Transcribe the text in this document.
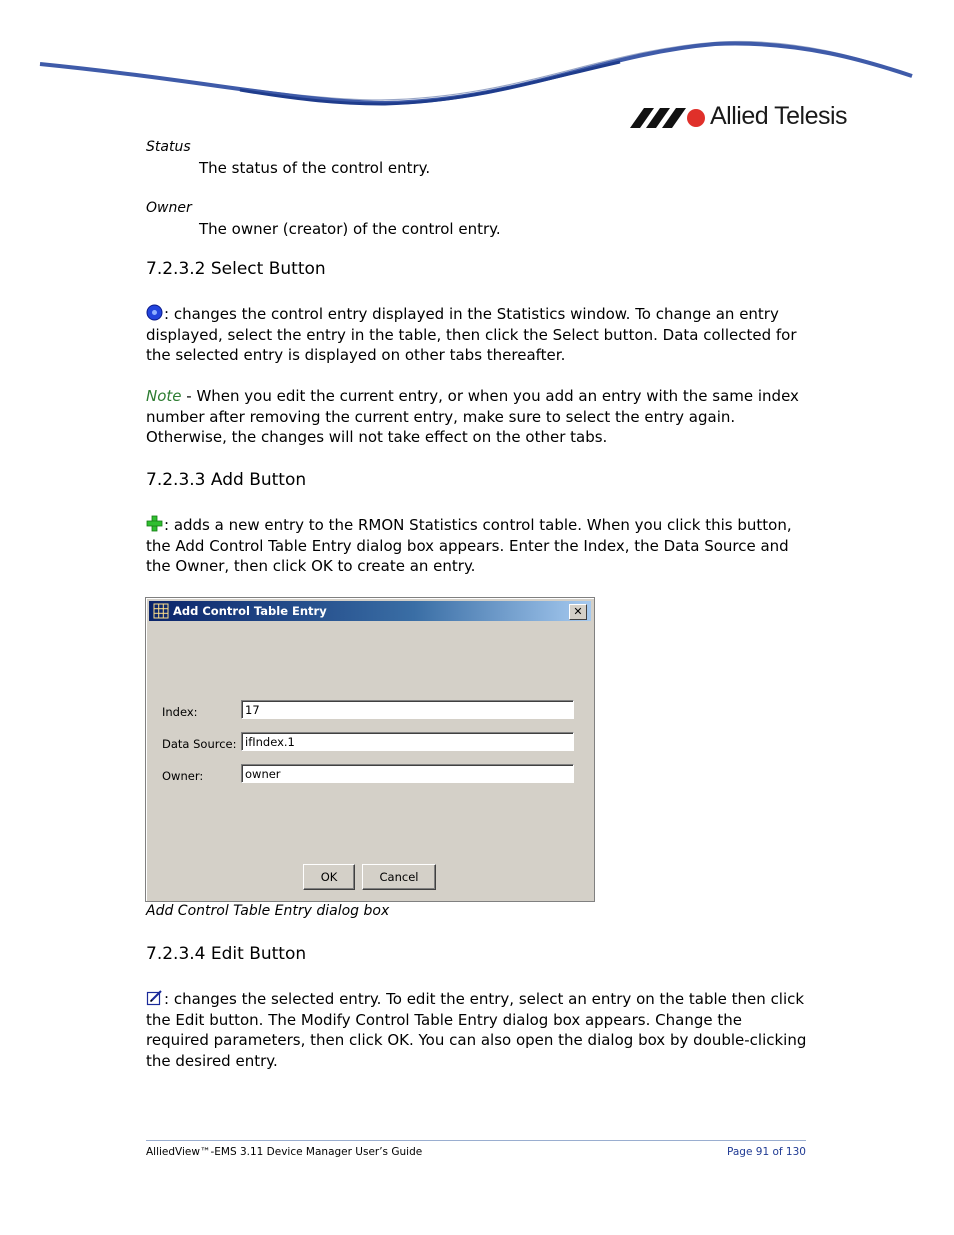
Allied Telesis
Status
The status of the control entry.
Owner
The owner (creator) of the control entry.
7.2.3.2 Select Button
: changes the control entry displayed in the Statistics window. To change an entry displayed, select the entry in the table, then click the Select button. Data collected for the selected entry is displayed on other tabs thereafter.
Note - When you edit the current entry, or when you add an entry with the same index number after removing the current entry, make sure to select the entry again. Otherwise, the changes will not take effect on the other tabs.
7.2.3.3 Add Button
: adds a new entry to the RMON Statistics control table. When you click this button, the Add Control Table Entry dialog box appears. Enter the Index, the Data Source and the Owner, then click OK to create an entry.
Add Control Table Entry	✕
Index:	17
Data Source: ifIndex.1
Owner:	owner
OK	Cancel
Add Control Table Entry dialog box
7.2.3.4 Edit Button
: changes the selected entry. To edit the entry, select an entry on the table then click the Edit button. The Modify Control Table Entry dialog box appears. Change the required parameters, then click OK. You can also open the dialog box by double-clicking the desired entry.
AlliedView™-EMS 3.11 Device Manager User’s Guide	Page 91 of 130
